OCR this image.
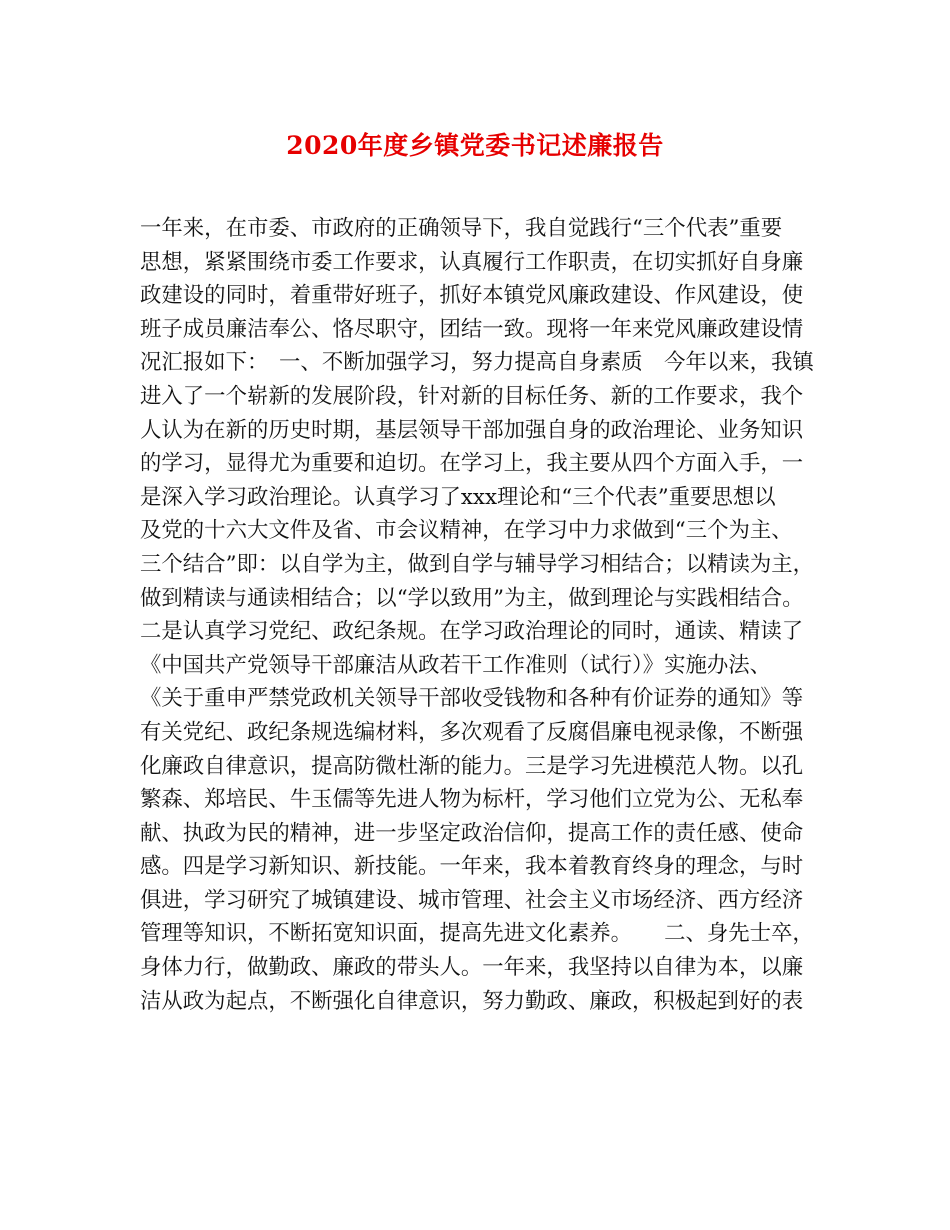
2020年度乡镇党委书记述廉报告
一年来，在市委、市政府的正确领导下，我自觉践行“三个代表”重要
思想，紧紧围绕市委工作要求，认真履行工作职责，在切实抓好自身廉
政建设的同时，着重带好班子，抓好本镇党风廉政建设、作风建设，使
班子成员廉洁奉公、恪尽职守，团结一致。现将一年来党风廉政建设情
况汇报如下：　一、不断加强学习，努力提高自身素质　今年以来，我镇
进入了一个崭新的发展阶段，针对新的目标任务、新的工作要求，我个
人认为在新的历史时期，基层领导干部加强自身的政治理论、业务知识
的学习，显得尤为重要和迫切。在学习上，我主要从四个方面入手，一
是深入学习政治理论。认真学习了xxx理论和“三个代表”重要思想以
及党的十六大文件及省、市会议精神，在学习中力求做到“三个为主、
三个结合”即：以自学为主，做到自学与辅导学习相结合；以精读为主，
做到精读与通读相结合；以“学以致用”为主，做到理论与实践相结合。
二是认真学习党纪、政纪条规。在学习政治理论的同时，通读、精读了
《中国共产党领导干部廉洁从政若干工作准则（试行）》实施办法、
《关于重申严禁党政机关领导干部收受钱物和各种有价证券的通知》等
有关党纪、政纪条规选编材料，多次观看了反腐倡廉电视录像，不断强
化廉政自律意识，提高防微杜渐的能力。三是学习先进模范人物。以孔
繁森、郑培民、牛玉儒等先进人物为标杆，学习他们立党为公、无私奉
献、执政为民的精神，进一步坚定政治信仰，提高工作的责任感、使命
感。四是学习新知识、新技能。一年来，我本着教育终身的理念，与时
俱进，学习研究了城镇建设、城市管理、社会主义市场经济、西方经济
管理等知识，不断拓宽知识面，提高先进文化素养。　　二、身先士卒，
身体力行，做勤政、廉政的带头人。一年来，我坚持以自律为本，以廉
洁从政为起点，不断强化自律意识，努力勤政、廉政，积极起到好的表
